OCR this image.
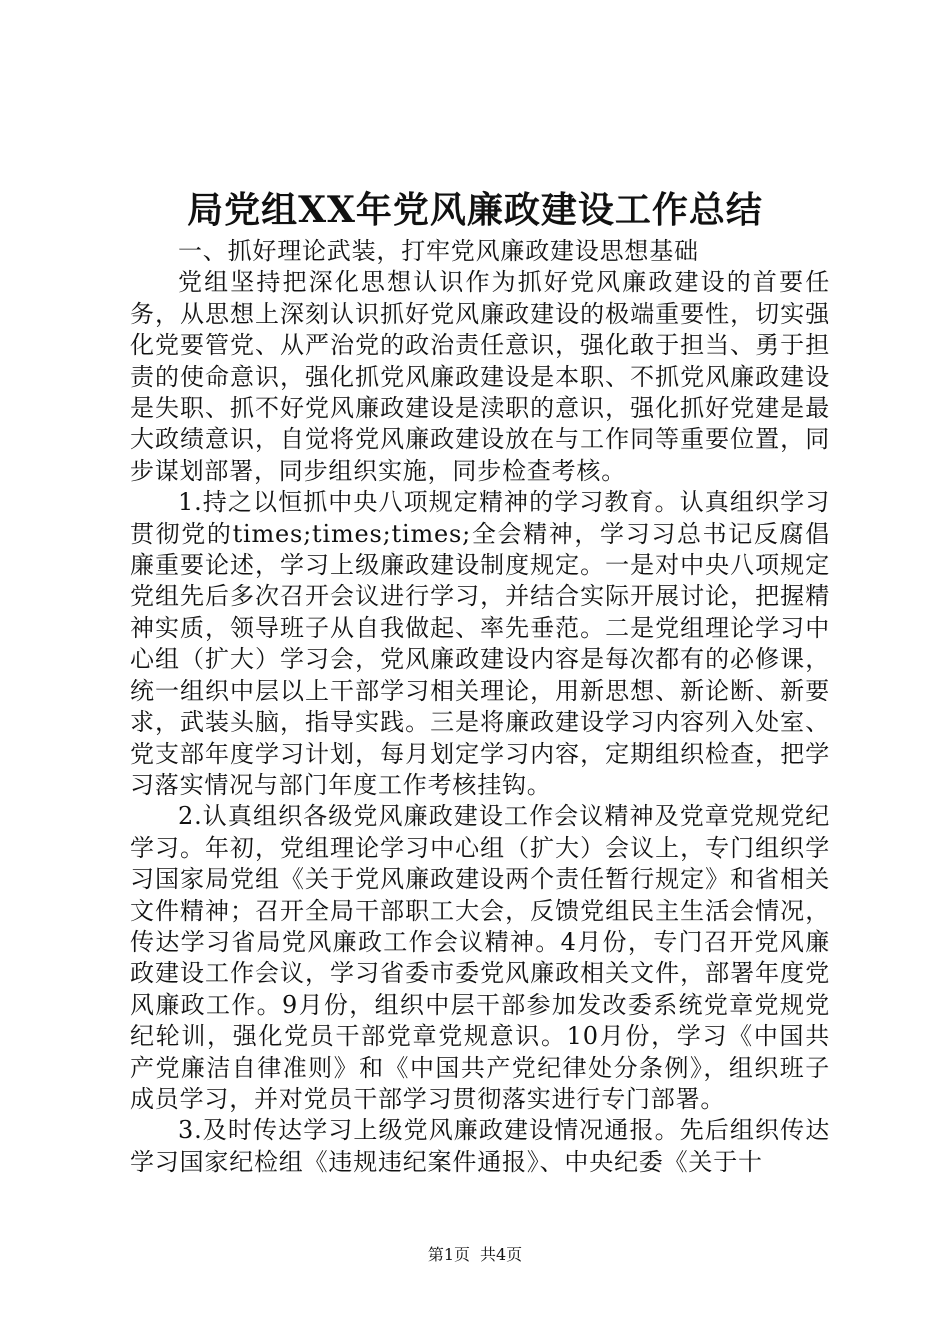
局党组XX年党风廉政建设工作总结

一、抓好理论武装，打牢党风廉政建设思想基础

党组坚持把深化思想认识作为抓好党风廉政建设的首要任务，从思想上深刻认识抓好党风廉政建设的极端重要性，切实强化党要管党、从严治党的政治责任意识，强化敢于担当、勇于担责的使命意识，强化抓党风廉政建设是本职、不抓党风廉政建设是失职、抓不好党风廉政建设是渎职的意识，强化抓好党建是最大政绩意识，自觉将党风廉政建设放在与工作同等重要位置，同步谋划部署，同步组织实施，同步检查考核。

1.持之以恒抓中央八项规定精神的学习教育。认真组织学习贯彻党的times;times;times;全会精神，学习习总书记反腐倡廉重要论述，学习上级廉政建设制度规定。一是对中央八项规定党组先后多次召开会议进行学习，并结合实际开展讨论，把握精神实质，领导班子从自我做起、率先垂范。二是党组理论学习中心组（扩大）学习会，党风廉政建设内容是每次都有的必修课，统一组织中层以上干部学习相关理论，用新思想、新论断、新要求，武装头脑，指导实践。三是将廉政建设学习内容列入处室、党支部年度学习计划，每月划定学习内容，定期组织检查，把学习落实情况与部门年度工作考核挂钩。

2.认真组织各级党风廉政建设工作会议精神及党章党规党纪学习。年初，党组理论学习中心组（扩大）会议上，专门组织学习国家局党组《关于党风廉政建设两个责任暂行规定》和省相关文件精神；召开全局干部职工大会，反馈党组民主生活会情况，传达学习省局党风廉政工作会议精神。4月份，专门召开党风廉政建设工作会议，学习省委市委党风廉政相关文件，部署年度党风廉政工作。9月份，组织中层干部参加发改委系统党章党规党纪轮训，强化党员干部党章党规意识。10月份，学习《中国共产党廉洁自律准则》和《中国共产党纪律处分条例》，组织班子成员学习，并对党员干部学习贯彻落实进行专门部署。

3.及时传达学习上级党风廉政建设情况通报。先后组织传达学习国家纪检组《违规违纪案件通报》、中央纪委《关于十

第1页 共4页
